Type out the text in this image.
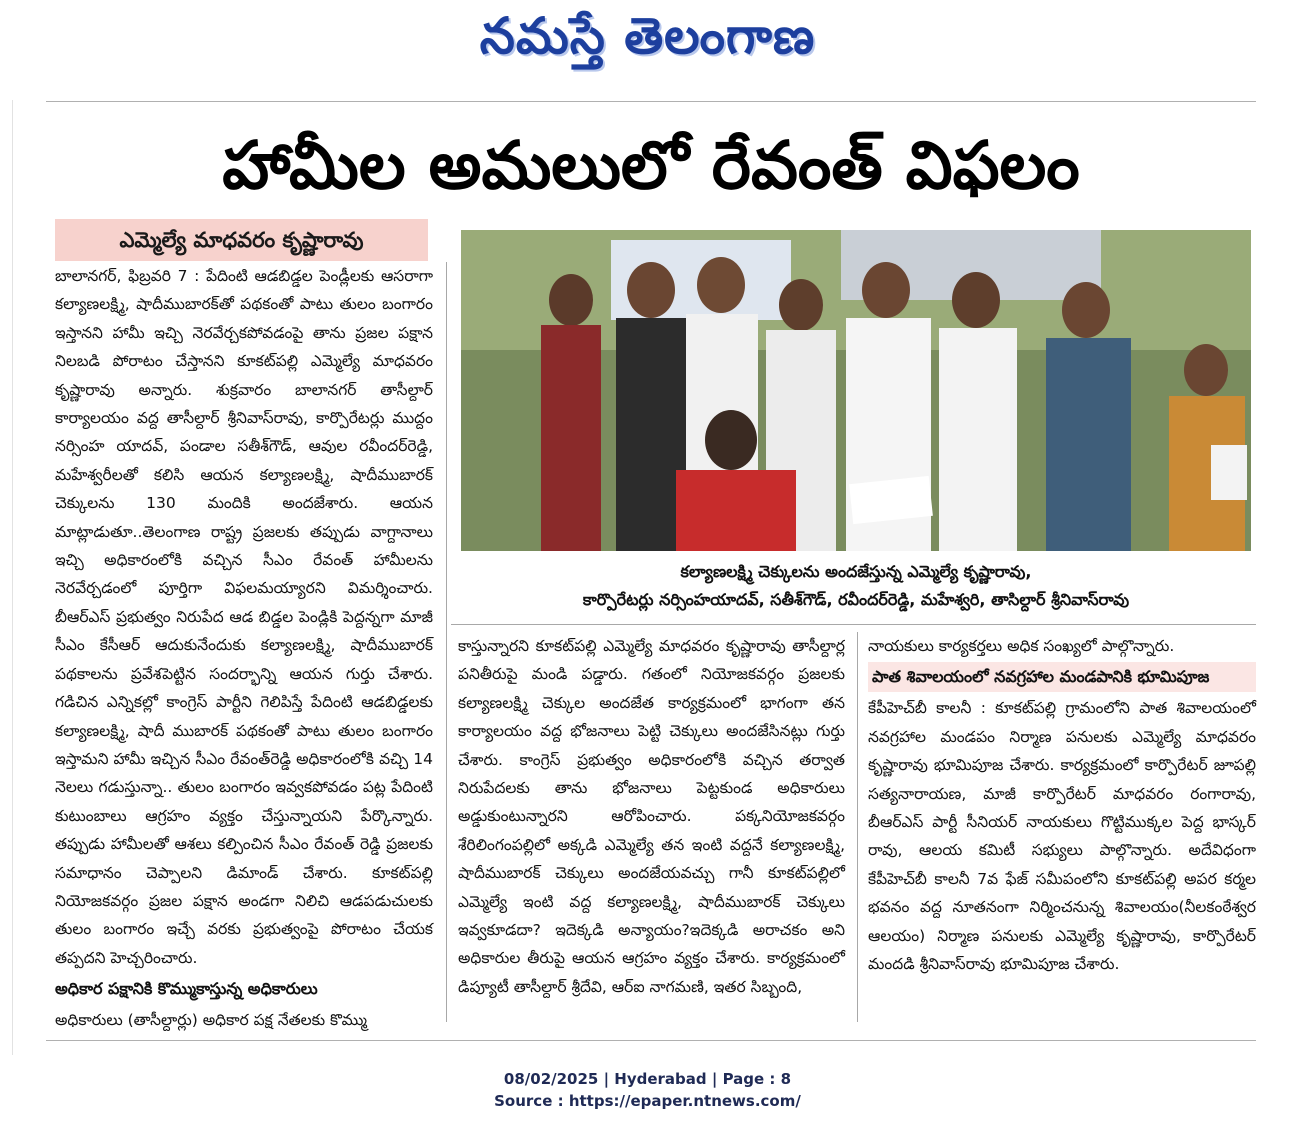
నమస్తే తెలంగాణ
హామీల అమలులో రేవంత్ విఫలం
ఎమ్మెల్యే మాధవరం కృష్ణారావు
కల్యాణలక్ష్మి చెక్కులను అందజేస్తున్న ఎమ్మెల్యే కృష్ణారావు,
కార్పొరేటర్లు నర్సింహయాదవ్, సతీశ్‌గౌడ్, రవీందర్‌రెడ్డి, మహేశ్వరి, తాసిల్దార్ శ్రీనివాస్‌రావు

బాలానగర్, ఫిబ్రవరి 7 : పేదింటి ఆడబిడ్డల పెండ్లీలకు ఆసరాగా కల్యాణలక్ష్మి, షాదీముబారక్‌తో పథకంతో పాటు తులం బంగారం ఇస్తానని హామీ ఇచ్చి నెరవేర్చకపోవడంపై తాను ప్రజల పక్షాన నిలబడి పోరాటం చేస్తానని కూకట్‌పల్లి ఎమ్మెల్యే మాధవరం కృష్ణారావు అన్నారు. శుక్రవారం బాలానగర్ తాసీల్దార్ కార్యాలయం వద్ద తాసీల్దార్ శ్రీనివాస్‌రావు, కార్పొరేటర్లు ముద్దం నర్సింహ యాదవ్, పండాల సతీశ్‌గౌడ్, ఆవుల రవీందర్‌రెడ్డి, మహేశ్వరీలతో కలిసి ఆయన కల్యాణలక్ష్మి, షాదీముబారక్ చెక్కులను 130 మందికి అందజేశారు. ఆయన మాట్లాడుతూ..తెలంగాణ రాష్ట్ర ప్రజలకు తప్పుడు వాగ్దానాలు ఇచ్చి అధికారంలోకి వచ్చిన సీఎం రేవంత్ హామీలను నెరవేర్చడంలో పూర్తిగా విఫలమయ్యారని విమర్శించారు. బీఆర్‌ఎస్ ప్రభుత్వం నిరుపేద ఆడ బిడ్డల పెండ్లికి పెద్దన్నగా మాజీ సీఎం కేసీఆర్ ఆదుకునేందుకు కల్యాణలక్ష్మి, షాదీముబారక్ పథకాలను ప్రవేశపెట్టిన సందర్భాన్ని ఆయన గుర్తు చేశారు. గడిచిన ఎన్నికల్లో కాంగ్రెస్ పార్టీని గెలిపిస్తే పేదింటి ఆడబిడ్డలకు కల్యాణలక్ష్మి, షాదీ ముబారక్ పథకంతో పాటు తులం బంగారం ఇస్తామని హామీ ఇచ్చిన సీఎం రేవంత్‌రెడ్డి అధికారంలోకి వచ్చి 14 నెలలు గడుస్తున్నా.. తులం బంగారం ఇవ్వకపోవడం పట్ల పేదింటి కుటుంబాలు ఆగ్రహం వ్యక్తం చేస్తున్నాయని పేర్కొన్నారు. తప్పుడు హామీలతో ఆశలు కల్పించిన సీఎం రేవంత్ రెడ్డి ప్రజలకు సమాధానం చెప్పాలని డిమాండ్ చేశారు. కూకట్‌పల్లి నియోజకవర్గం ప్రజల పక్షాన అండగా నిలిచి ఆడపడుచులకు తులం బంగారం ఇచ్చే వరకు ప్రభుత్వంపై పోరాటం చేయక తప్పదని హెచ్చరించారు.

అధికార పక్షానికి కొమ్ముకాస్తున్న అధికారులు

అధికారులు (తాసీల్దార్లు) అధికార పక్ష నేతలకు కొమ్ము

కాస్తున్నారని కూకట్‌పల్లి ఎమ్మెల్యే మాధవరం కృష్ణారావు తాసీల్దార్ల పనితీరుపై మండి పడ్డారు. గతంలో నియోజకవర్గం ప్రజలకు కల్యాణలక్ష్మి చెక్కుల అందజేత కార్యక్రమంలో భాగంగా తన కార్యాలయం వద్ద భోజనాలు పెట్టి చెక్కులు అందజేసినట్లు గుర్తు చేశారు. కాంగ్రెస్ ప్రభుత్వం అధికారంలోకి వచ్చిన తర్వాత నిరుపేదలకు తాను భోజనాలు పెట్టకుండ అధికారులు అడ్డుకుంటున్నారని ఆరోపించారు. పక్కనియోజకవర్గం శేరిలింగంపల్లిలో అక్కడి ఎమ్మెల్యే తన ఇంటి వద్దనే కల్యాణలక్ష్మి, షాదీముబారక్ చెక్కులు అందజేయవచ్చు గానీ కూకట్‌పల్లిలో ఎమ్మెల్యే ఇంటి వద్ద కల్యాణలక్ష్మి, షాదీముబారక్ చెక్కులు ఇవ్వకూడదా? ఇదెక్కడి అన్యాయం?ఇదెక్కడి అరాచకం అని అధికారుల తీరుపై ఆయన ఆగ్రహం వ్యక్తం చేశారు. కార్యక్రమంలో డిప్యూటీ తాసీల్దార్ శ్రీదేవి, ఆర్ఐ నాగమణి, ఇతర సిబ్బంది,

నాయకులు కార్యకర్తలు అధిక సంఖ్యలో పాల్గొన్నారు.
పాత శివాలయంలో నవగ్రహాల మండపానికి భూమిపూజ

కేపీహెచ్‌బీ కాలనీ : కూకట్‌పల్లి గ్రామంలోని పాత శివాలయంలో నవగ్రహాల మండపం నిర్మాణ పనులకు ఎమ్మెల్యే మాధవరం కృష్ణారావు భూమిపూజ చేశారు. కార్యక్రమంలో కార్పొరేటర్ జూపల్లి సత్యనారాయణ, మాజీ కార్పొరేటర్ మాధవరం రంగారావు, బీఆర్‌ఎస్ పార్టీ సీనియర్ నాయకులు గొట్టిముక్కల పెద్ద భాస్కర్ రావు, ఆలయ కమిటీ సభ్యులు పాల్గొన్నారు. అదేవిధంగా కేపీహెచ్‌బీ కాలనీ 7వ ఫేజ్ సమీపంలోని కూకట్‌పల్లి అపర కర్మల భవనం వద్ద నూతనంగా నిర్మించనున్న శివాలయం(నీలకంఠేశ్వర ఆలయం) నిర్మాణ పనులకు ఎమ్మెల్యే కృష్ణారావు, కార్పొరేటర్ మందడి శ్రీనివాస్‌రావు భూమిపూజ చేశారు.

08/02/2025 | Hyderabad | Page : 8
Source : https://epaper.ntnews.com/
